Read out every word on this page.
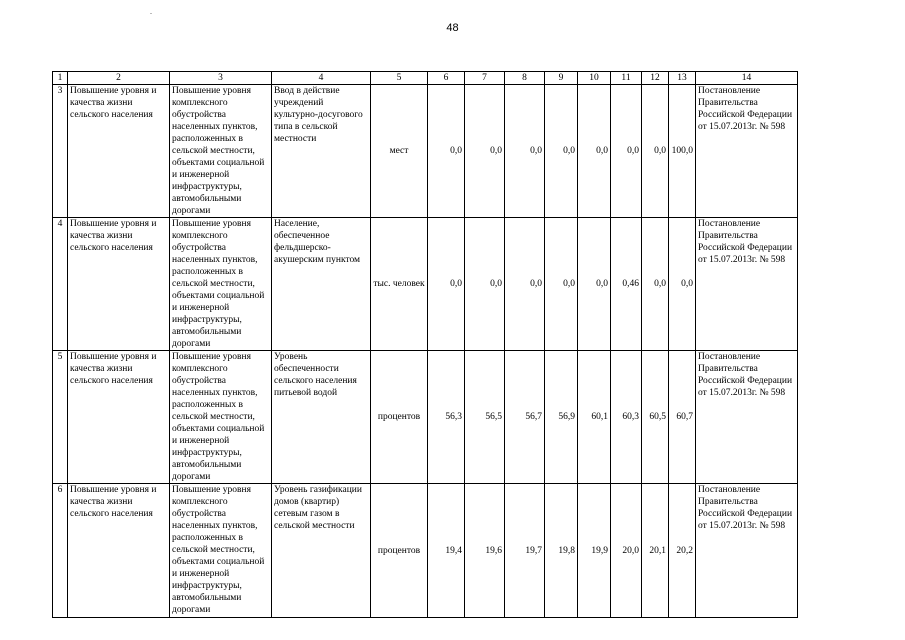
48
1	2	3	4	5	6	7	8	9	10	11	12	13	14
3	Повышение уровня и качества жизни сельского населения	Повышение уровня комплексного обустройства населенных пунктов, расположенных в сельской местности, объектами социальной и инженерной инфраструктуры, автомобильными дорогами	Ввод в действие учреждений культурно-досугового типа в сельской местности	мест	0,0	0,0	0,0	0,0	0,0	0,0	0,0	100,0	Постановление Правительства Российской Федерации от 15.07.2013г. № 598
4	Повышение уровня и качества жизни сельского населения	Повышение уровня комплексного обустройства населенных пунктов, расположенных в сельской местности, объектами социальной и инженерной инфраструктуры, автомобильными дорогами	Население, обеспеченное фельдшерско-акушерским пунктом	тыс. человек	0,0	0,0	0,0	0,0	0,0	0,46	0,0	0,0	Постановление Правительства Российской Федерации от 15.07.2013г. № 598
5	Повышение уровня и качества жизни сельского населения	Повышение уровня комплексного обустройства населенных пунктов, расположенных в сельской местности, объектами социальной и инженерной инфраструктуры, автомобильными дорогами	Уровень обеспеченности сельского населения питьевой водой	процентов	56,3	56,5	56,7	56,9	60,1	60,3	60,5	60,7	Постановление Правительства Российской Федерации от 15.07.2013г. № 598
6	Повышение уровня и качества жизни сельского населения	Повышение уровня комплексного обустройства населенных пунктов, расположенных в сельской местности, объектами социальной и инженерной инфраструктуры, автомобильными дорогами	Уровень газификации домов (квартир) сетевым газом в сельской местности	процентов	19,4	19,6	19,7	19,8	19,9	20,0	20,1	20,2	Постановление Правительства Российской Федерации от 15.07.2013г. № 598
